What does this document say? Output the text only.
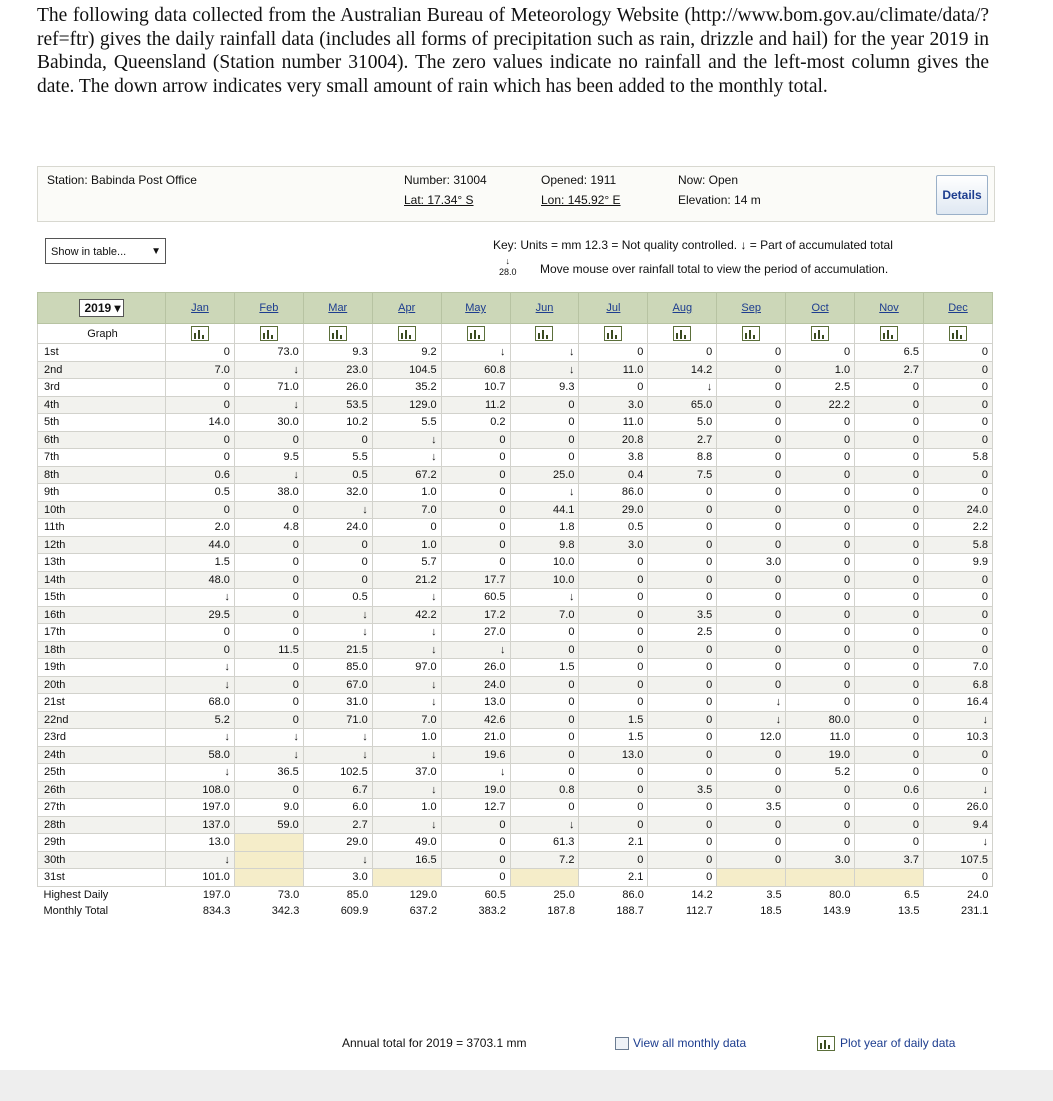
The following data collected from the Australian Bureau of Meteorology Website (http://www.bom.gov.au/climate/data/?ref=ftr) gives the daily rainfall data (includes all forms of precipitation such as rain, drizzle and hail) for the year 2019 in Babinda, Queensland (Station number 31004). The zero values indicate no rainfall and the left-most column gives the date. The down arrow indicates very small amount of rain which has been added to the monthly total.

Station: Babinda Post Office	Number: 31004
Lat: 17.34° S
Opened: 1911
Lon: 145.92° E
Now: Open
Elevation: 14 m	Details
Show in table... ▼	Key: Units = mm 12.3 = Not quality controlled. ↓ = Part of accumulated total
↓
28.0 Move mouse over rainfall total to view the period of accumulation.
2019 ▾	Jan	Feb	Mar	Apr	May	Jun	Jul	Aug	Sep	Oct	Nov	Dec
Graph	

1st	0	73.0	9.3	9.2	↓	↓	0	0	0	0	6.5	0
2nd	7.0	↓	23.0	104.5	60.8	↓	11.0	14.2	0	1.0	2.7	0
3rd	0	71.0	26.0	35.2	10.7	9.3	0	↓	0	2.5	0	0
4th	0	↓	53.5	129.0	11.2	0	3.0	65.0	0	22.2	0	0
5th	14.0	30.0	10.2	5.5	0.2	0	11.0	5.0	0	0	0	0
6th	0	0	0	↓	0	0	20.8	2.7	0	0	0	0
7th	0	9.5	5.5	↓	0	0	3.8	8.8	0	0	0	5.8
8th	0.6	↓	0.5	67.2	0	25.0	0.4	7.5	0	0	0	0
9th	0.5	38.0	32.0	1.0	0	↓	86.0	0	0	0	0	0
10th	0	0	↓	7.0	0	44.1	29.0	0	0	0	0	24.0
11th	2.0	4.8	24.0	0	0	1.8	0.5	0	0	0	0	2.2
12th	44.0	0	0	1.0	0	9.8	3.0	0	0	0	0	5.8
13th	1.5	0	0	5.7	0	10.0	0	0	3.0	0	0	9.9
14th	48.0	0	0	21.2	17.7	10.0	0	0	0	0	0	0
15th	↓	0	0.5	↓	60.5	↓	0	0	0	0	0	0
16th	29.5	0	↓	42.2	17.2	7.0	0	3.5	0	0	0	0
17th	0	0	↓	↓	27.0	0	0	2.5	0	0	0	0
18th	0	11.5	21.5	↓	↓	0	0	0	0	0	0	0
19th	↓	0	85.0	97.0	26.0	1.5	0	0	0	0	0	7.0
20th	↓	0	67.0	↓	24.0	0	0	0	0	0	0	6.8
21st	68.0	0	31.0	↓	13.0	0	0	0	↓	0	0	16.4
22nd	5.2	0	71.0	7.0	42.6	0	1.5	0	↓	80.0	0	↓
23rd	↓	↓	↓	1.0	21.0	0	1.5	0	12.0	11.0	0	10.3
24th	58.0	↓	↓	↓	19.6	0	13.0	0	0	19.0	0	0
25th	↓	36.5	102.5	37.0	↓	0	0	0	0	5.2	0	0
26th	108.0	0	6.7	↓	19.0	0.8	0	3.5	0	0	0.6	↓
27th	197.0	9.0	6.0	1.0	12.7	0	0	0	3.5	0	0	26.0
28th	137.0	59.0	2.7	↓	0	↓	0	0	0	0	0	9.4
29th	13.0		29.0	49.0	0	61.3	2.1	0	0	0	0	↓
30th	↓		↓	16.5	0	7.2	0	0	0	3.0	3.7	107.5
31st	101.0		3.0		0		2.1	0				0
Highest Daily	197.0	73.0	85.0	129.0	60.5	25.0	86.0	14.2	3.5	80.0	6.5	24.0
Monthly Total	834.3	342.3	609.9	637.2	383.2	187.8	188.7	112.7	18.5	143.9	13.5	231.1
Annual total for 2019 = 3703.1 mm	View all monthly data	Plot year of daily data
